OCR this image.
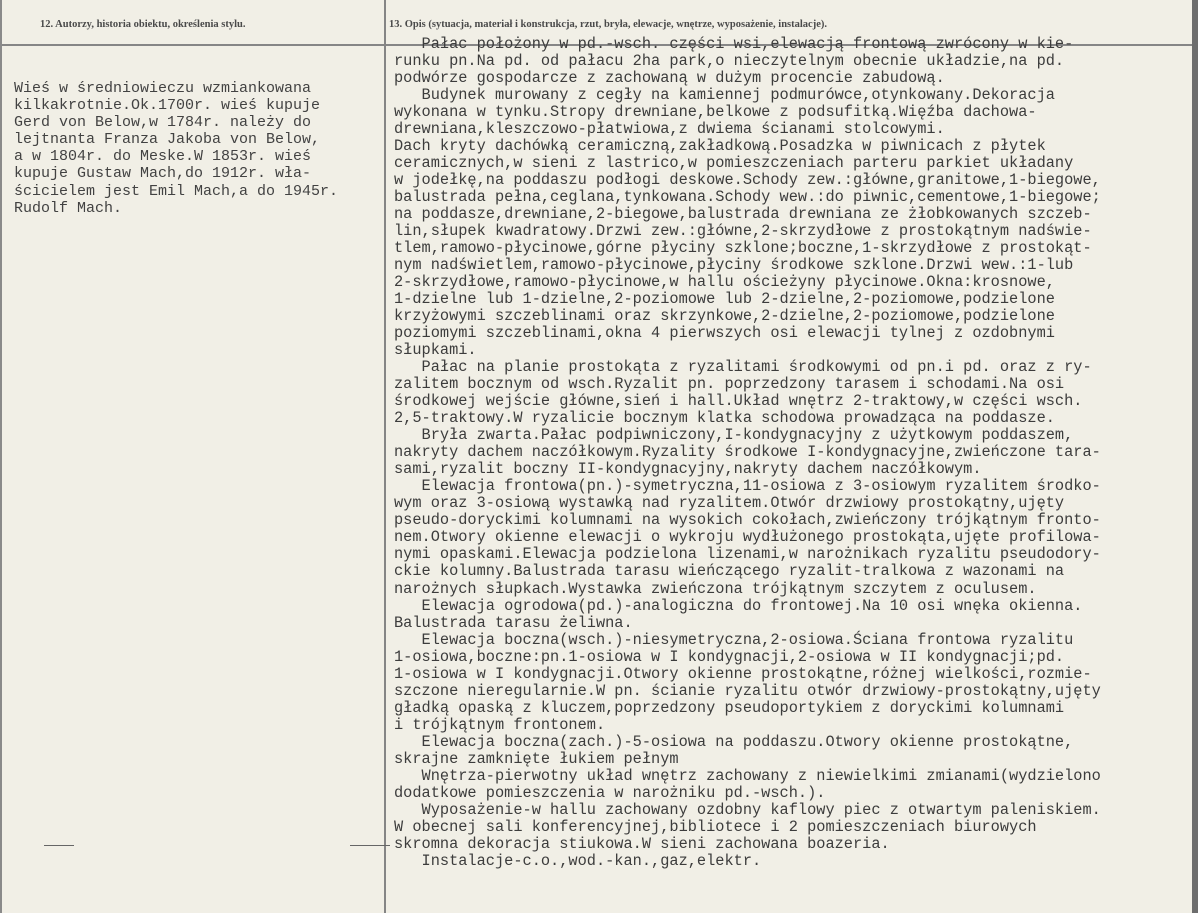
12. Autorzy, historia obiektu, określenia stylu.	13. Opis (sytuacja, materiał i konstrukcja, rzut, bryła, elewacje, wnętrze, wyposażenie, instalacje).
Wieś w średniowieczu wzmiankowana
kilkakrotnie.Ok.1700r. wieś kupuje
Gerd von Below,w 1784r. należy do
lejtnanta Franza Jakoba von Below,
a w 1804r. do Meske.W 1853r. wieś
kupuje Gustaw Mach,do 1912r. wła-
ścicielem jest Emil Mach,a do 1945r.
Rudolf Mach.
Pałac położony w pd.-wsch. części wsi,elewacją frontową zwrócony w kie-
runku pn.Na pd. od pałacu 2ha park,o nieczytelnym obecnie układzie,na pd.
podwórze gospodarcze z zachowaną w dużym procencie zabudową.
Budynek murowany z cegły na kamiennej podmurówce,otynkowany.Dekoracja
wykonana w tynku.Stropy drewniane,belkowe z podsufitką.Więźba dachowa-
drewniana,kleszczowo-płatwiowa,z dwiema ścianami stolcowymi.
Dach kryty dachówką ceramiczną,zakładkową.Posadzka w piwnicach z płytek
ceramicznych,w sieni z lastrico,w pomieszczeniach parteru parkiet układany
w jodełkę,na poddaszu podłogi deskowe.Schody zew.:główne,granitowe,1-biegowe,
balustrada pełna,ceglana,tynkowana.Schody wew.:do piwnic,cementowe,1-biegowe;
na poddasze,drewniane,2-biegowe,balustrada drewniana ze żłobkowanych szczeb-
lin,słupek kwadratowy.Drzwi zew.:główne,2-skrzydłowe z prostokątnym nadświe-
tlem,ramowo-płycinowe,górne płyciny szklone;boczne,1-skrzydłowe z prostokąt-
nym nadświetlem,ramowo-płycinowe,płyciny środkowe szklone.Drzwi wew.:1-lub
2-skrzydłowe,ramowo-płycinowe,w hallu ościeżyny płycinowe.Okna:krosnowe,
1-dzielne lub 1-dzielne,2-poziomowe lub 2-dzielne,2-poziomowe,podzielone
krzyżowymi szczeblinami oraz skrzynkowe,2-dzielne,2-poziomowe,podzielone
poziomymi szczeblinami,okna 4 pierwszych osi elewacji tylnej z ozdobnymi
słupkami.
Pałac na planie prostokąta z ryzalitami środkowymi od pn.i pd. oraz z ry-
zalitem bocznym od wsch.Ryzalit pn. poprzedzony tarasem i schodami.Na osi
środkowej wejście główne,sień i hall.Układ wnętrz 2-traktowy,w części wsch.
2,5-traktowy.W ryzalicie bocznym klatka schodowa prowadząca na poddasze.
Bryła zwarta.Pałac podpiwniczony,I-kondygnacyjny z użytkowym poddaszem,
nakryty dachem naczółkowym.Ryzality środkowe I-kondygnacyjne,zwieńczone tara-
sami,ryzalit boczny II-kondygnacyjny,nakryty dachem naczółkowym.
Elewacja frontowa(pn.)-symetryczna,11-osiowa z 3-osiowym ryzalitem środko-
wym oraz 3-osiową wystawką nad ryzalitem.Otwór drzwiowy prostokątny,ujęty
pseudo-doryckimi kolumnami na wysokich cokołach,zwieńczony trójkątnym fronto-
nem.Otwory okienne elewacji o wykroju wydłużonego prostokąta,ujęte profilowa-
nymi opaskami.Elewacja podzielona lizenami,w narożnikach ryzalitu pseudodory-
ckie kolumny.Balustrada tarasu wieńczącego ryzalit-tralkowa z wazonami na
narożnych słupkach.Wystawka zwieńczona trójkątnym szczytem z oculusem.
Elewacja ogrodowa(pd.)-analogiczna do frontowej.Na 10 osi wnęka okienna.
Balustrada tarasu żeliwna.
Elewacja boczna(wsch.)-niesymetryczna,2-osiowa.Ściana frontowa ryzalitu
1-osiowa,boczne:pn.1-osiowa w I kondygnacji,2-osiowa w II kondygnacji;pd.
1-osiowa w I kondygnacji.Otwory okienne prostokątne,różnej wielkości,rozmie-
szczone nieregularnie.W pn. ścianie ryzalitu otwór drzwiowy-prostokątny,ujęty
gładką opaską z kluczem,poprzedzony pseudoportykiem z doryckimi kolumnami
i trójkątnym frontonem.
Elewacja boczna(zach.)-5-osiowa na poddaszu.Otwory okienne prostokątne,
skrajne zamknięte łukiem pełnym
Wnętrza-pierwotny układ wnętrz zachowany z niewielkimi zmianami(wydzielono
dodatkowe pomieszczenia w narożniku pd.-wsch.).
Wyposażenie-w hallu zachowany ozdobny kaflowy piec z otwartym paleniskiem.
W obecnej sali konferencyjnej,bibliotece i 2 pomieszczeniach biurowych
skromna dekoracja stiukowa.W sieni zachowana boazeria.
Instalacje-c.o.,wod.-kan.,gaz,elektr.
